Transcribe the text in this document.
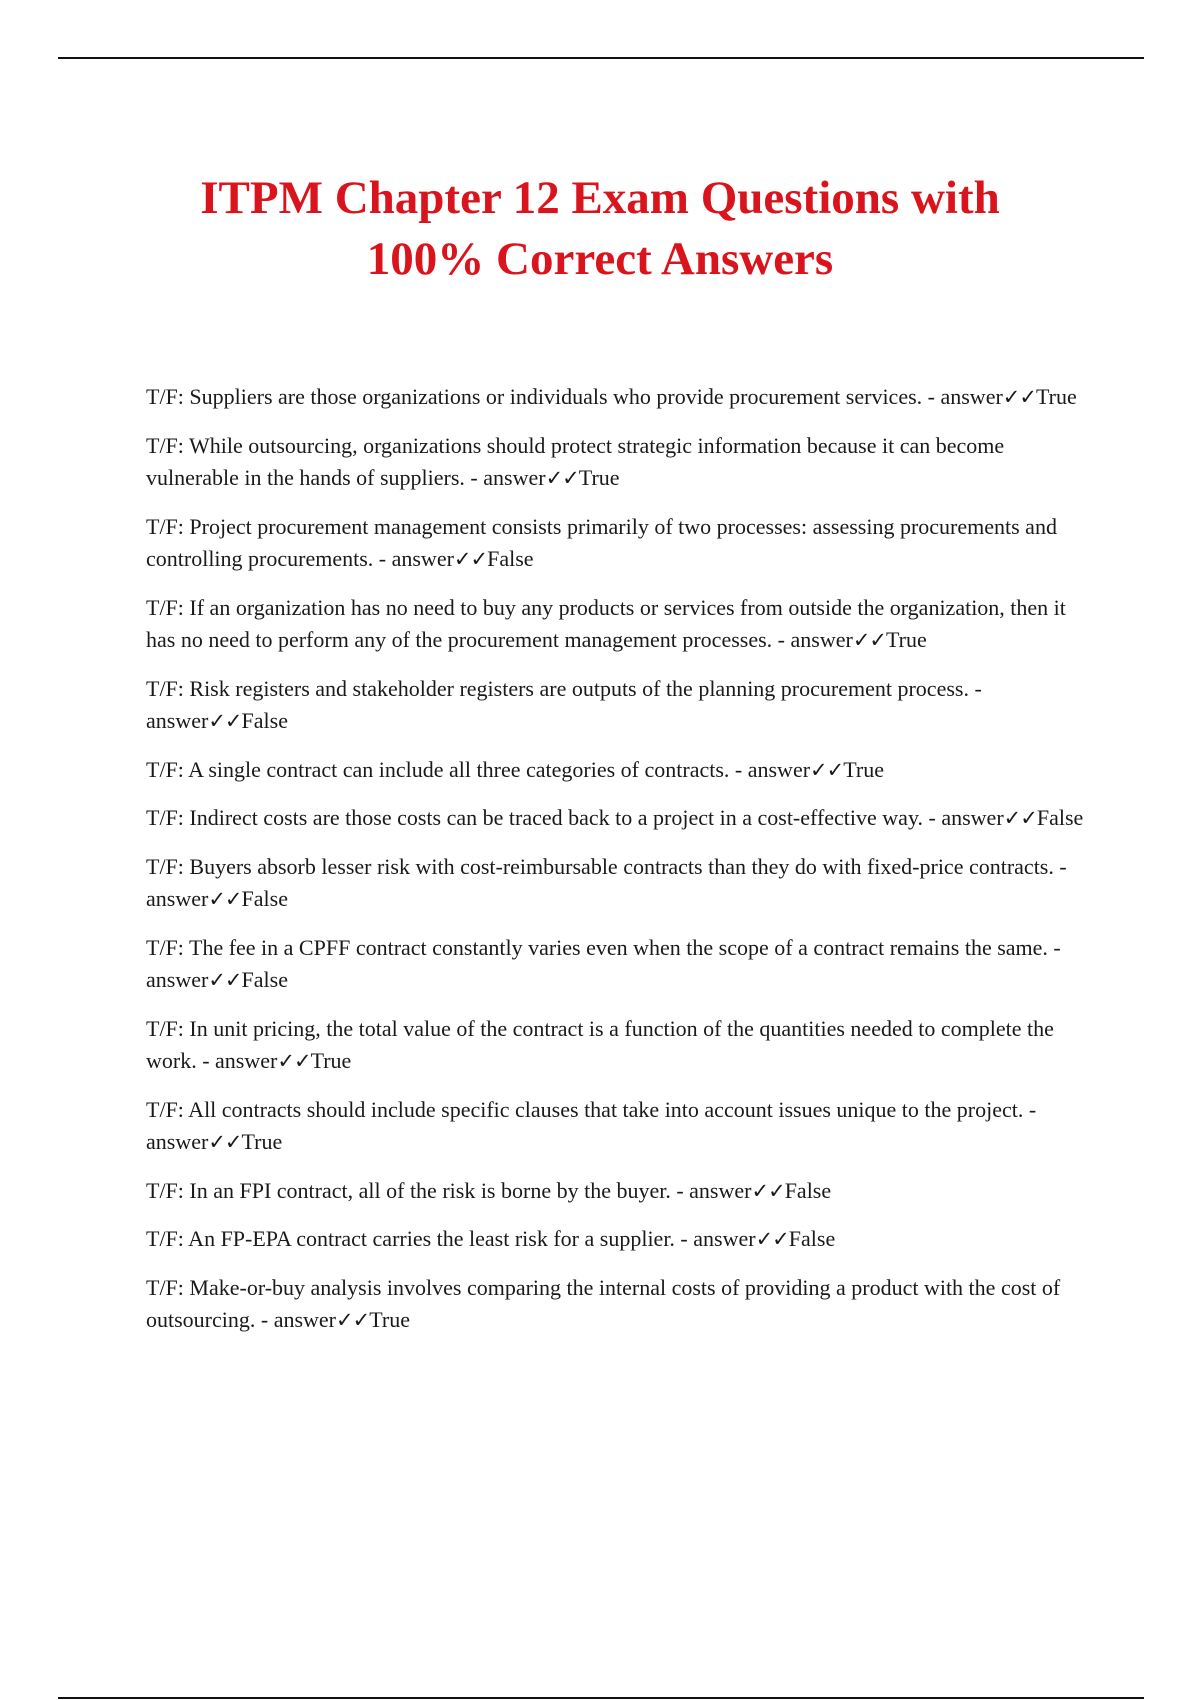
ITPM Chapter 12 Exam Questions with
100% Correct Answers
T/F: Suppliers are those organizations or individuals who provide procurement services. - answer✓✓True
T/F: While outsourcing, organizations should protect strategic information because it can become vulnerable in the hands of suppliers. - answer✓✓True
T/F: Project procurement management consists primarily of two processes: assessing procurements and controlling procurements. - answer✓✓False
T/F: If an organization has no need to buy any products or services from outside the organization, then it has no need to perform any of the procurement management processes. - answer✓✓True
T/F: Risk registers and stakeholder registers are outputs of the planning procurement process. - answer✓✓False
T/F: A single contract can include all three categories of contracts. - answer✓✓True
T/F: Indirect costs are those costs can be traced back to a project in a cost-effective way. - answer✓✓False
T/F: Buyers absorb lesser risk with cost-reimbursable contracts than they do with fixed-price contracts. - answer✓✓False
T/F: The fee in a CPFF contract constantly varies even when the scope of a contract remains the same. - answer✓✓False
T/F: In unit pricing, the total value of the contract is a function of the quantities needed to complete the work. - answer✓✓True
T/F: All contracts should include specific clauses that take into account issues unique to the project. - answer✓✓True
T/F: In an FPI contract, all of the risk is borne by the buyer. - answer✓✓False
T/F: An FP-EPA contract carries the least risk for a supplier. - answer✓✓False
T/F: Make-or-buy analysis involves comparing the internal costs of providing a product with the cost of outsourcing. - answer✓✓True
